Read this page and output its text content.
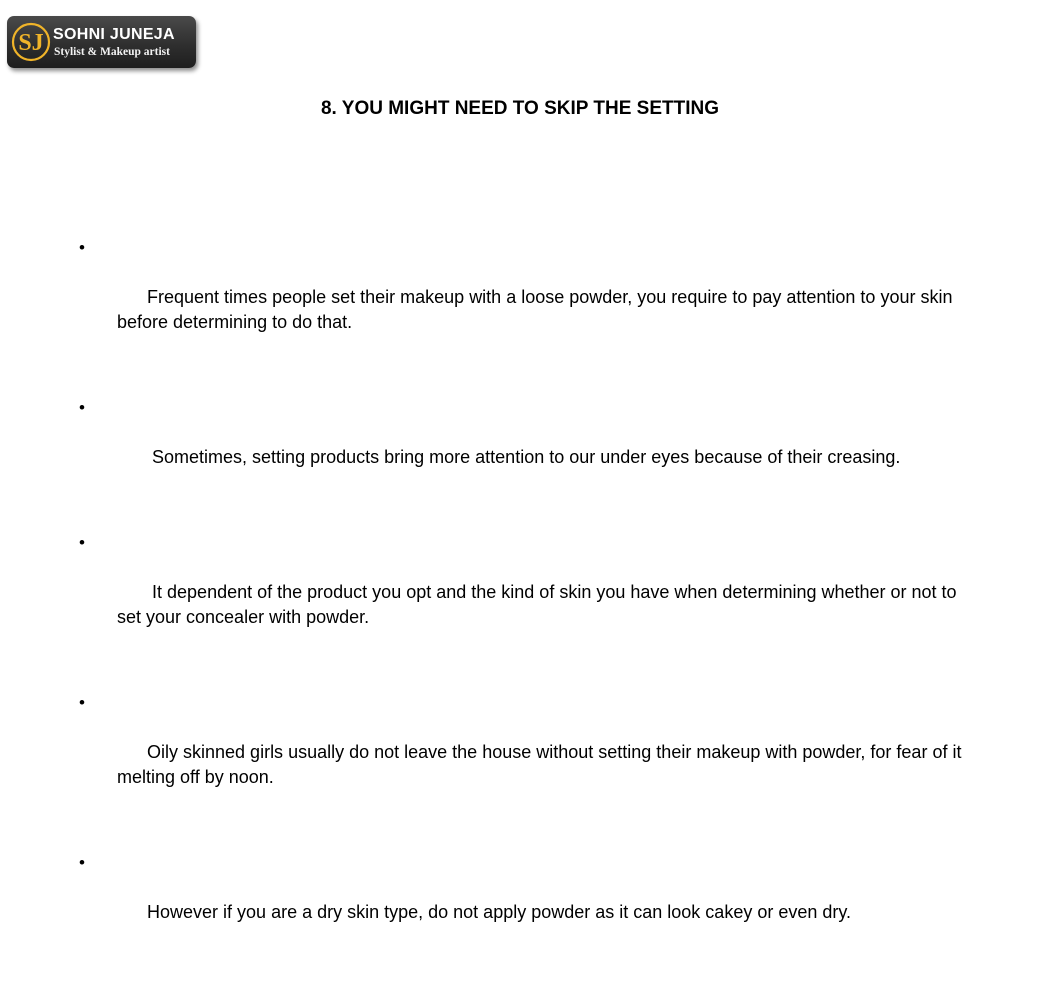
SJ SOHNI JUNEJA
Stylist & Makeup artist
8. YOU MIGHT NEED TO SKIP THE SETTING

•

Frequent times people set their makeup with a loose powder, you require to pay attention to your skin before determining to do that.

•

Sometimes, setting products bring more attention to our under eyes because of their creasing.

•

It dependent of the product you opt and the kind of skin you have when determining whether or not to set your concealer with powder.

•

Oily skinned girls usually do not leave the house without setting their makeup with powder, for fear of it melting off by noon.

•

However if you are a dry skin type, do not apply powder as it can look cakey or even dry.
